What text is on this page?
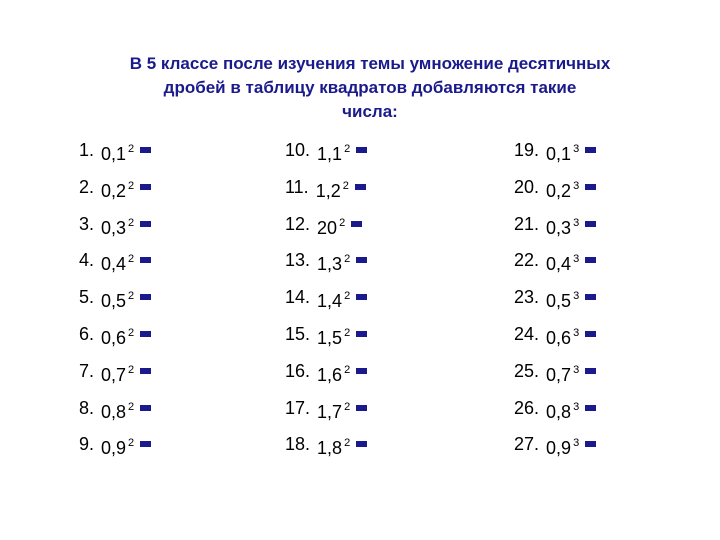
В 5 классе после изучения темы умножение десятичных
дробей в таблицу квадратов добавляются такие
числа:
1. 0,1 $^2$
2. 0,2 $^2$
3. 0,3 $^2$
4. 0,4 $^2$
5. 0,5 $^2$
6. 0,6 $^2$
7. 0,7 $^2$
8. 0,8 $^2$
9. 0,9 $^2$
10. 1,1 $^2$
11. 1,2 $^2$
12. 20 $^2$
13. 1,3 $^2$
14. 1,4 $^2$
15. 1,5 $^2$
16. 1,6 $^2$
17. 1,7 $^2$
18. 1,8 $^2$
19. 0,1 $^3$
20. 0,2 $^3$
21. 0,3 $^3$
22. 0,4 $^3$
23. 0,5 $^3$
24. 0,6 $^3$
25. 0,7 $^3$
26. 0,8 $^3$
27. 0,9 $^3$
